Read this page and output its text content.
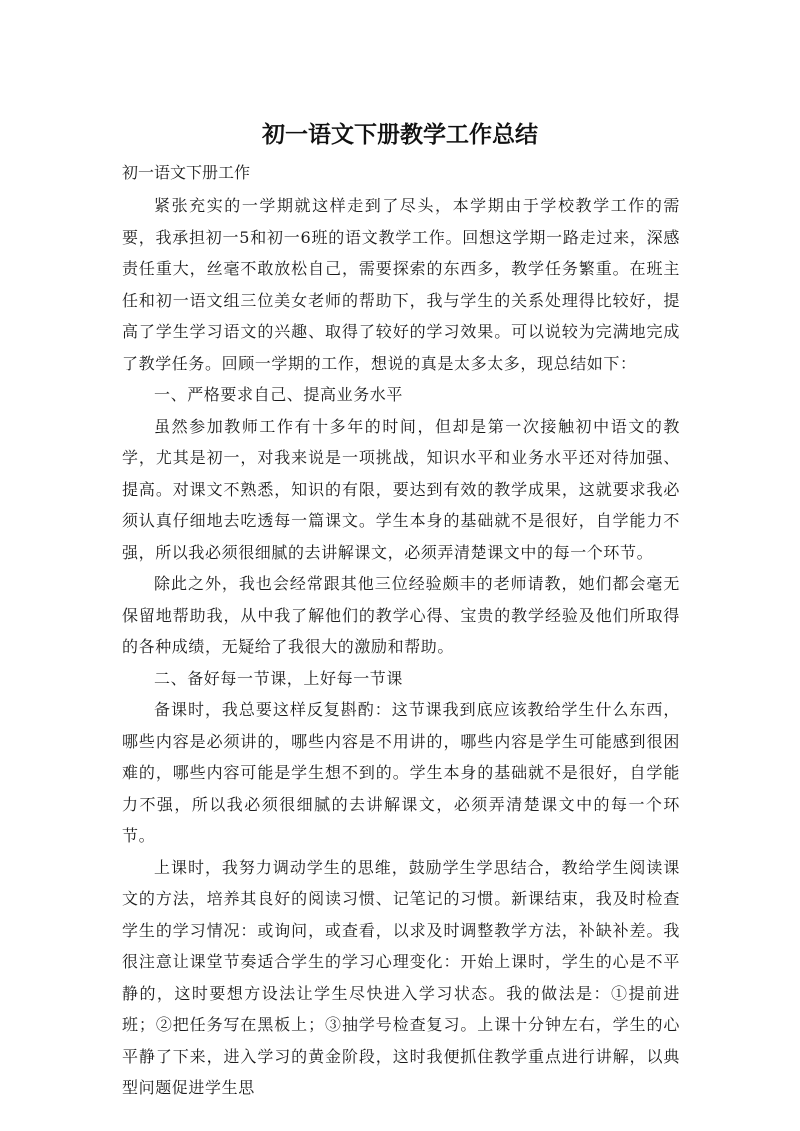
初一语文下册教学工作总结
初一语文下册工作

紧张充实的一学期就这样走到了尽头，本学期由于学校教学工作的需要，我承担初一5和初一6班的语文教学工作。回想这学期一路走过来，深感责任重大，丝毫不敢放松自己，需要探索的东西多，教学任务繁重。在班主任和初一语文组三位美女老师的帮助下，我与学生的关系处理得比较好，提高了学生学习语文的兴趣、取得了较好的学习效果。可以说较为完满地完成了教学任务。回顾一学期的工作，想说的真是太多太多，现总结如下：

一、严格要求自己、提高业务水平

虽然参加教师工作有十多年的时间，但却是第一次接触初中语文的教学，尤其是初一，对我来说是一项挑战，知识水平和业务水平还对待加强、提高。对课文不熟悉，知识的有限，要达到有效的教学成果，这就要求我必须认真仔细地去吃透每一篇课文。学生本身的基础就不是很好，自学能力不强，所以我必须很细腻的去讲解课文，必须弄清楚课文中的每一个环节。

除此之外，我也会经常跟其他三位经验颇丰的老师请教，她们都会毫无保留地帮助我，从中我了解他们的教学心得、宝贵的教学经验及他们所取得的各种成绩，无疑给了我很大的激励和帮助。

二、备好每一节课，上好每一节课

备课时，我总要这样反复斟酌：这节课我到底应该教给学生什么东西，哪些内容是必须讲的，哪些内容是不用讲的，哪些内容是学生可能感到很困难的，哪些内容可能是学生想不到的。学生本身的基础就不是很好，自学能力不强，所以我必须很细腻的去讲解课文，必须弄清楚课文中的每一个环节。

上课时，我努力调动学生的思维，鼓励学生学思结合，教给学生阅读课文的方法，培养其良好的阅读习惯、记笔记的习惯。新课结束，我及时检查学生的学习情况：或询问，或查看，以求及时调整教学方法，补缺补差。我很注意让课堂节奏适合学生的学习心理变化：开始上课时，学生的心是不平静的，这时要想方设法让学生尽快进入学习状态。我的做法是：①提前进班；②把任务写在黑板上；③抽学号检查复习。上课十分钟左右，学生的心平静了下来，进入学习的黄金阶段，这时我便抓住教学重点进行讲解，以典型问题促进学生思
